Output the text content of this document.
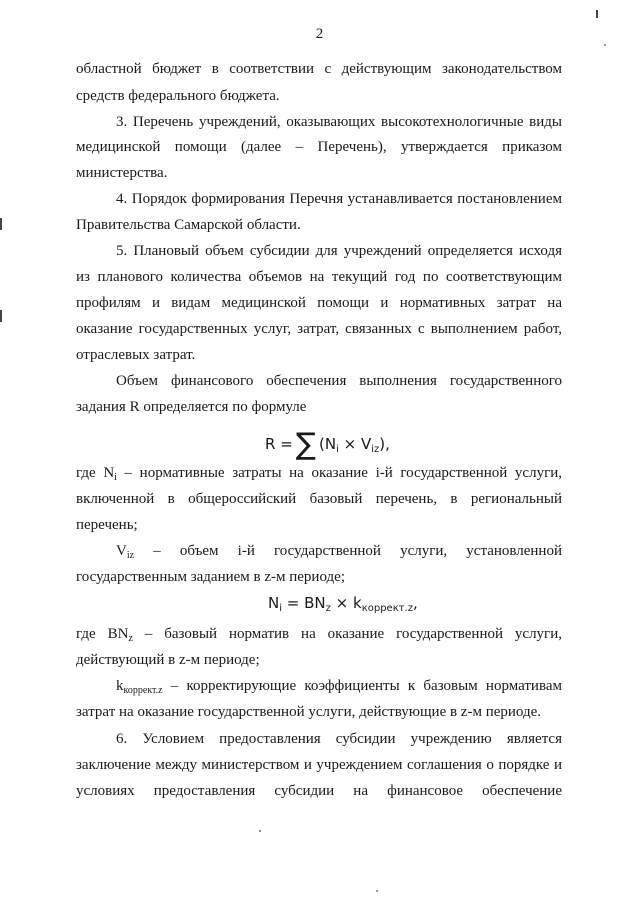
2
областной бюджет в соответствии с действующим законодательством
средств федерального бюджета.
3. Перечень учреждений, оказывающих высокотехнологичные виды
медицинской помощи (далее – Перечень), утверждается приказом
министерства.
4. Порядок формирования Перечня устанавливается постановлением
Правительства Самарской области.
5. Плановый объем субсидии для учреждений определяется исходя
из планового количества объемов на текущий год по соответствующим
профилям и видам медицинской помощи и нормативных затрат на
оказание государственных услуг, затрат, связанных с выполнением работ,
отраслевых затрат.
Объем финансового обеспечения выполнения государственного
задания R определяется по формуле
R = ∑ $(N_i \times V_{iz})$,
где $N_i$ – нормативные затраты на оказание i-й государственной услуги,
включенной в общероссийский базовый перечень, в региональный
перечень;
$V_{iz}$ – объем i-й государственной услуги, установленной
государственным заданием в z-м периоде;
$N_i = BN_z \times k_{коррект.z}$,
где $BN_z$ – базовый норматив на оказание государственной услуги,
действующий в z-м периоде;
$k_{коррект.z}$ – корректирующие коэффициенты к базовым нормативам
затрат на оказание государственной услуги, действующие в z-м периоде.
6. Условием предоставления субсидии учреждению является
заключение между министерством и учреждением соглашения о порядке и
условиях предоставления субсидии на финансовое обеспечение
